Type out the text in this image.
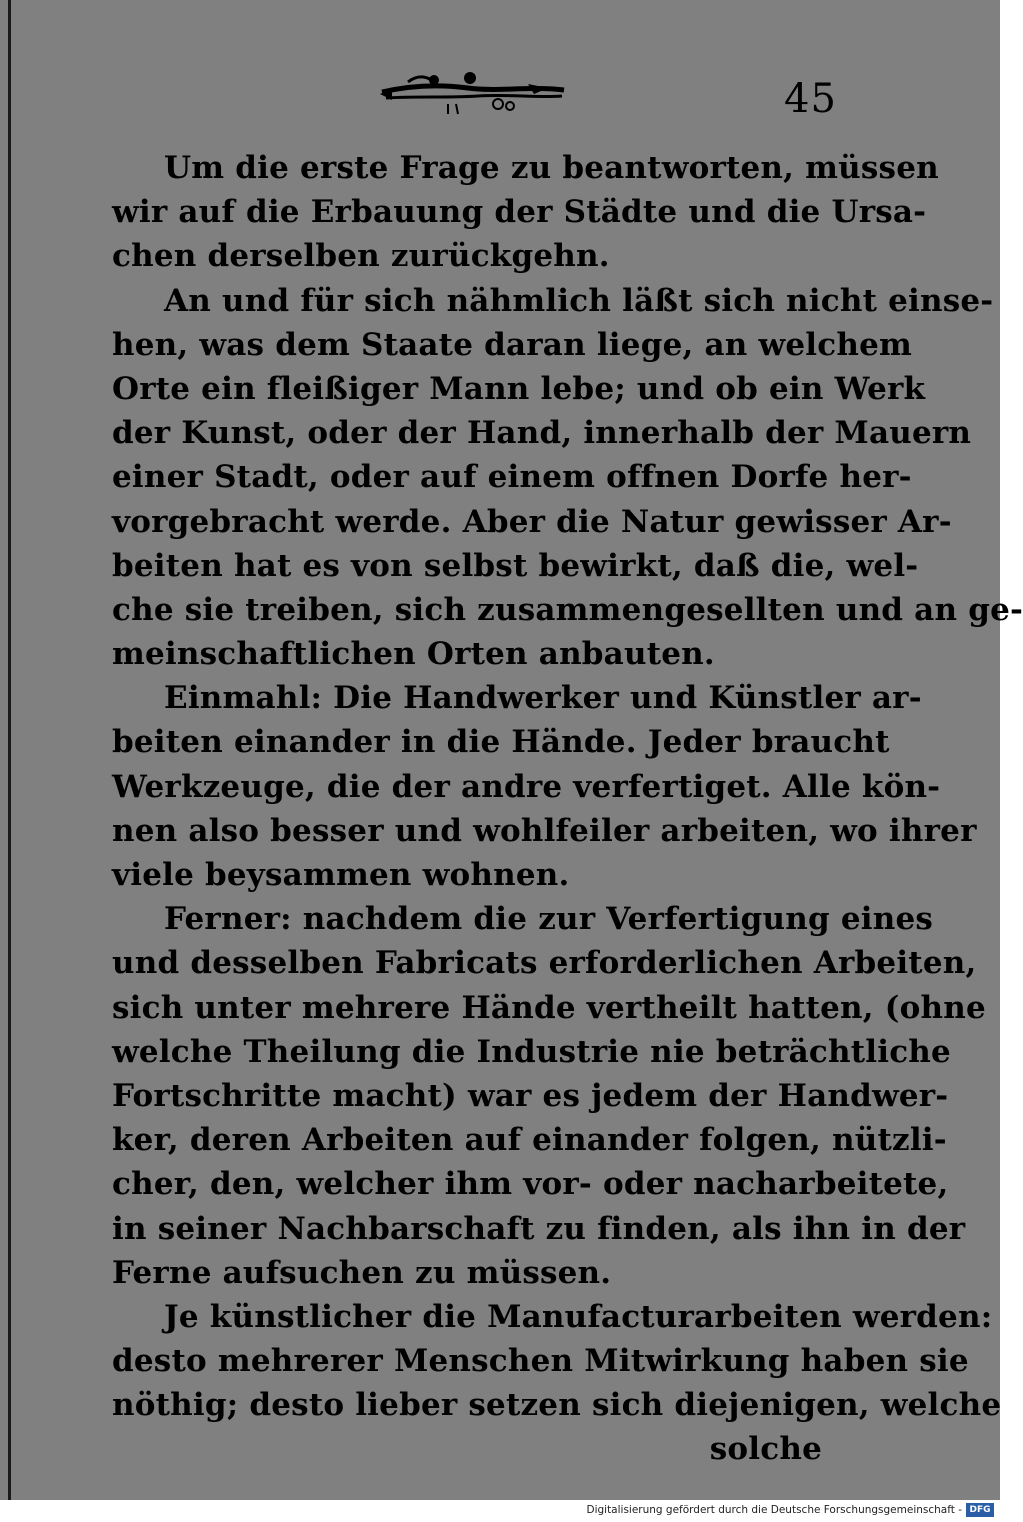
45
Um die erste Frage zu beantworten, müssen
wir auf die Erbauung der Städte und die Ursa-
chen derselben zurückgehn.
An und für sich nähmlich läßt sich nicht einse-
hen, was dem Staate daran liege, an welchem
Orte ein fleißiger Mann lebe; und ob ein Werk
der Kunst, oder der Hand, innerhalb der Mauern
einer Stadt, oder auf einem offnen Dorfe her-
vorgebracht werde. Aber die Natur gewisser Ar-
beiten hat es von selbst bewirkt, daß die, wel-
che sie treiben, sich zusammengesellten und an ge-
meinschaftlichen Orten anbauten.
Einmahl: Die Handwerker und Künstler ar-
beiten einander in die Hände. Jeder braucht
Werkzeuge, die der andre verfertiget. Alle kön-
nen also besser und wohlfeiler arbeiten, wo ihrer
viele beysammen wohnen.
Ferner: nachdem die zur Verfertigung eines
und desselben Fabricats erforderlichen Arbeiten,
sich unter mehrere Hände vertheilt hatten, (ohne
welche Theilung die Industrie nie beträchtliche
Fortschritte macht) war es jedem der Handwer-
ker, deren Arbeiten auf einander folgen, nützli-
cher, den, welcher ihm vor- oder nacharbeitete,
in seiner Nachbarschaft zu finden, als ihn in der
Ferne aufsuchen zu müssen.
Je künstlicher die Manufacturarbeiten werden:
desto mehrerer Menschen Mitwirkung haben sie
nöthig; desto lieber setzen sich diejenigen, welche
solche
Digitalisierung gefördert durch die Deutsche Forschungsgemeinschaft - DFG
